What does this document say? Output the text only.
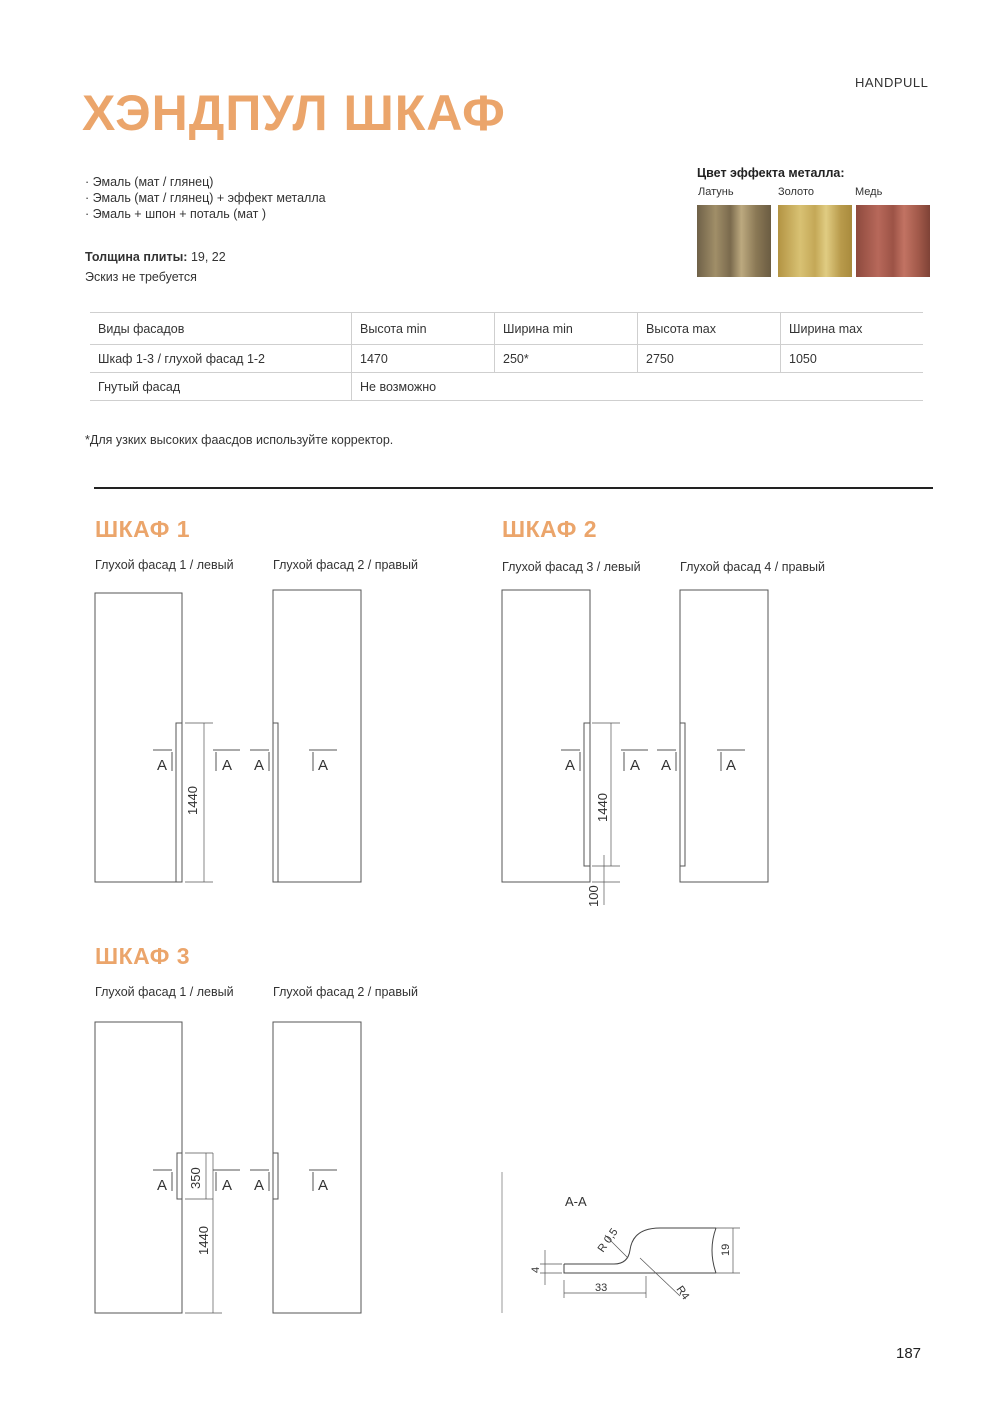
HANDPULL
ХЭНДПУЛ ШКАФ
· Эмаль (мат / глянец)
· Эмаль (мат / глянец) + эффект металла
· Эмаль + шпон + поталь (мат )
Толщина плиты: 19, 22
Эскиз не требуется
Цвет эффекта металла:
Латунь	Золото	Медь
Виды фасадов	Высота min	Ширина min	Высота max	Ширина max
Шкаф 1-3 / глухой фасад 1-2	1470	250*	2750	1050
Гнутый фасад	Не возможно			
*Для узких высоких фаасдов используйте корректор.
ШКАФ 1
Глухой фасад 1 / левый	Глухой фасад 2 / правый
ШКАФ 2
Глухой фасад 3 / левый	Глухой фасад 4 / правый
ШКАФ 3
Глухой фасад 1 / левый	Глухой фасад 2 / правый
A	A A	A	A	A A	A
A	A A	A
1440	1440
100
350
1440
А-А
R 0,5
R4
4
33
19
187
